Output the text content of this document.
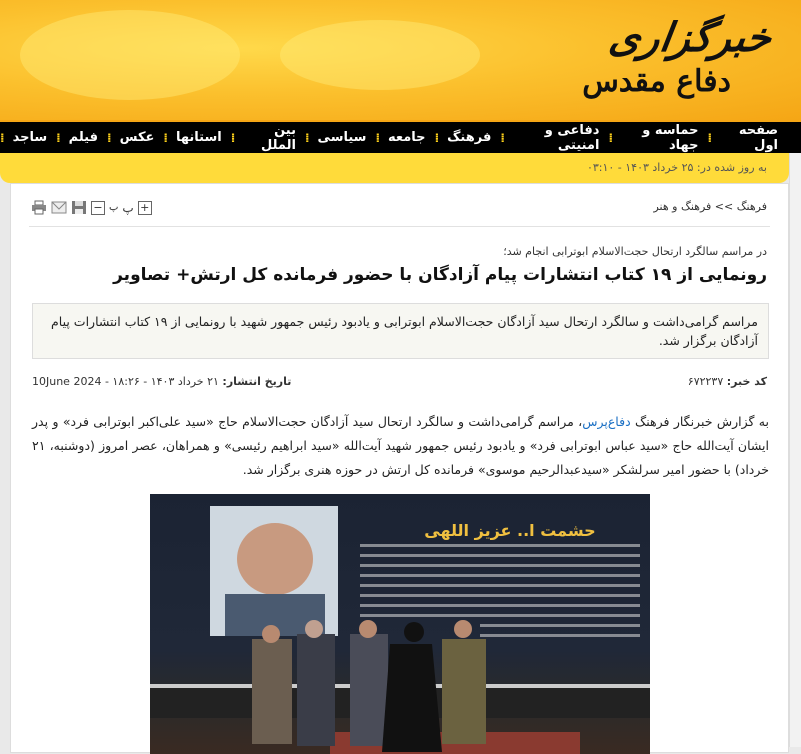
خبرگزاری
دفاع مقدس
صفحه اول
⁞
حماسه و جهاد
⁞
دفاعی و امنیتی
⁞
فرهنگ
⁞
جامعه
⁞
سیاسی
⁞
بین الملل
⁞
استانها
⁞
عکس
⁞
فیلم
⁞
ساجد
⁞
به روز شده در: ۲۵ خرداد ۱۴۰۳ - ۰۳:۱۰
فرهنگ >> فرهنگ و هنر
− پ پ +
در مراسم سالگرد ارتحال حجت‌الاسلام ابوترابی انجام شد؛
رونمایی از ۱۹ کتاب انتشارات پیام آزادگان با حضور فرمانده کل ارتش+ تصاویر
مراسم گرامی‌داشت و سالگرد ارتحال سید آزادگان حجت‌الاسلام ابوترابی و یادبود رئیس جمهور شهید با رونمایی از ۱۹ کتاب انتشارات پیام آزادگان برگزار شد.
کد خبر: ۶۷۲۲۳۷
تاریخ انتشار: ۲۱ خرداد ۱۴۰۳ - ۱۸:۲۶ - 10June 2024
به گزارش خبرنگار فرهنگ دفاع‌پرس، مراسم گرامی‌داشت و سالگرد ارتحال سید آزادگان حجت‌الاسلام حاج «سید علی‌اکبر ابوترابی فرد» و پدر ایشان آیت‌الله حاج «سید عباس ابوترابی فرد» و یادبود رئیس جمهور شهید آیت‌الله «سید ابراهیم رئیسی» و همراهان، عصر امروز (دوشنبه، ۲۱ خرداد) با حضور امیر سرلشکر «سیدعبدالرحیم موسوی» فرمانده کل ارتش در حوزه هنری برگزار شد.
حشمت ا.. عزیز اللهی
